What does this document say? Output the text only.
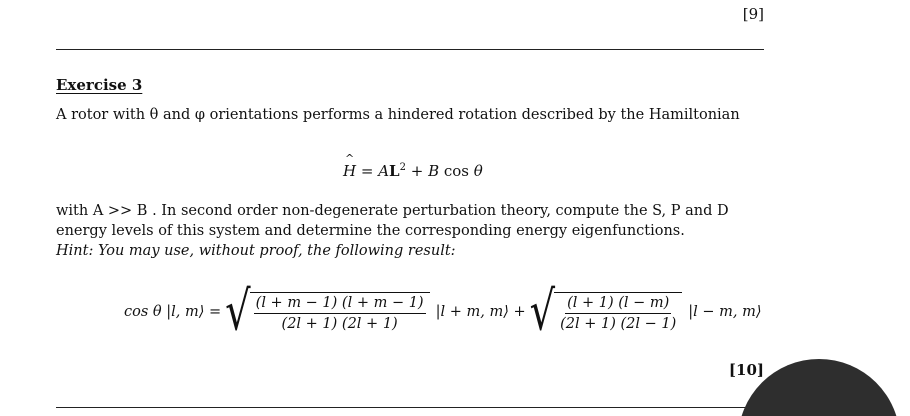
[9]
Exercise 3
A rotor with θ and φ orientations performs a hindered rotation described by the Hamiltonian
^ $H = AL^2 + B$ cos θ
with A >> B . In second order non-degenerate perturbation theory, compute the S, P and D energy levels of this system and determine the corresponding energy eigenfunctions.
Hint: You may use, without proof, the following result:
cos θ |l, m⟩ = √ $\frac{(l + m - 1) (l + m - 1)}{(2l + 1) (2l + 1)} |l + m$, m⟩ + √ $\frac{(l + 1) (l - m)}{(2l + 1) (2l - 1)} |l - m$, m⟩
[10]
